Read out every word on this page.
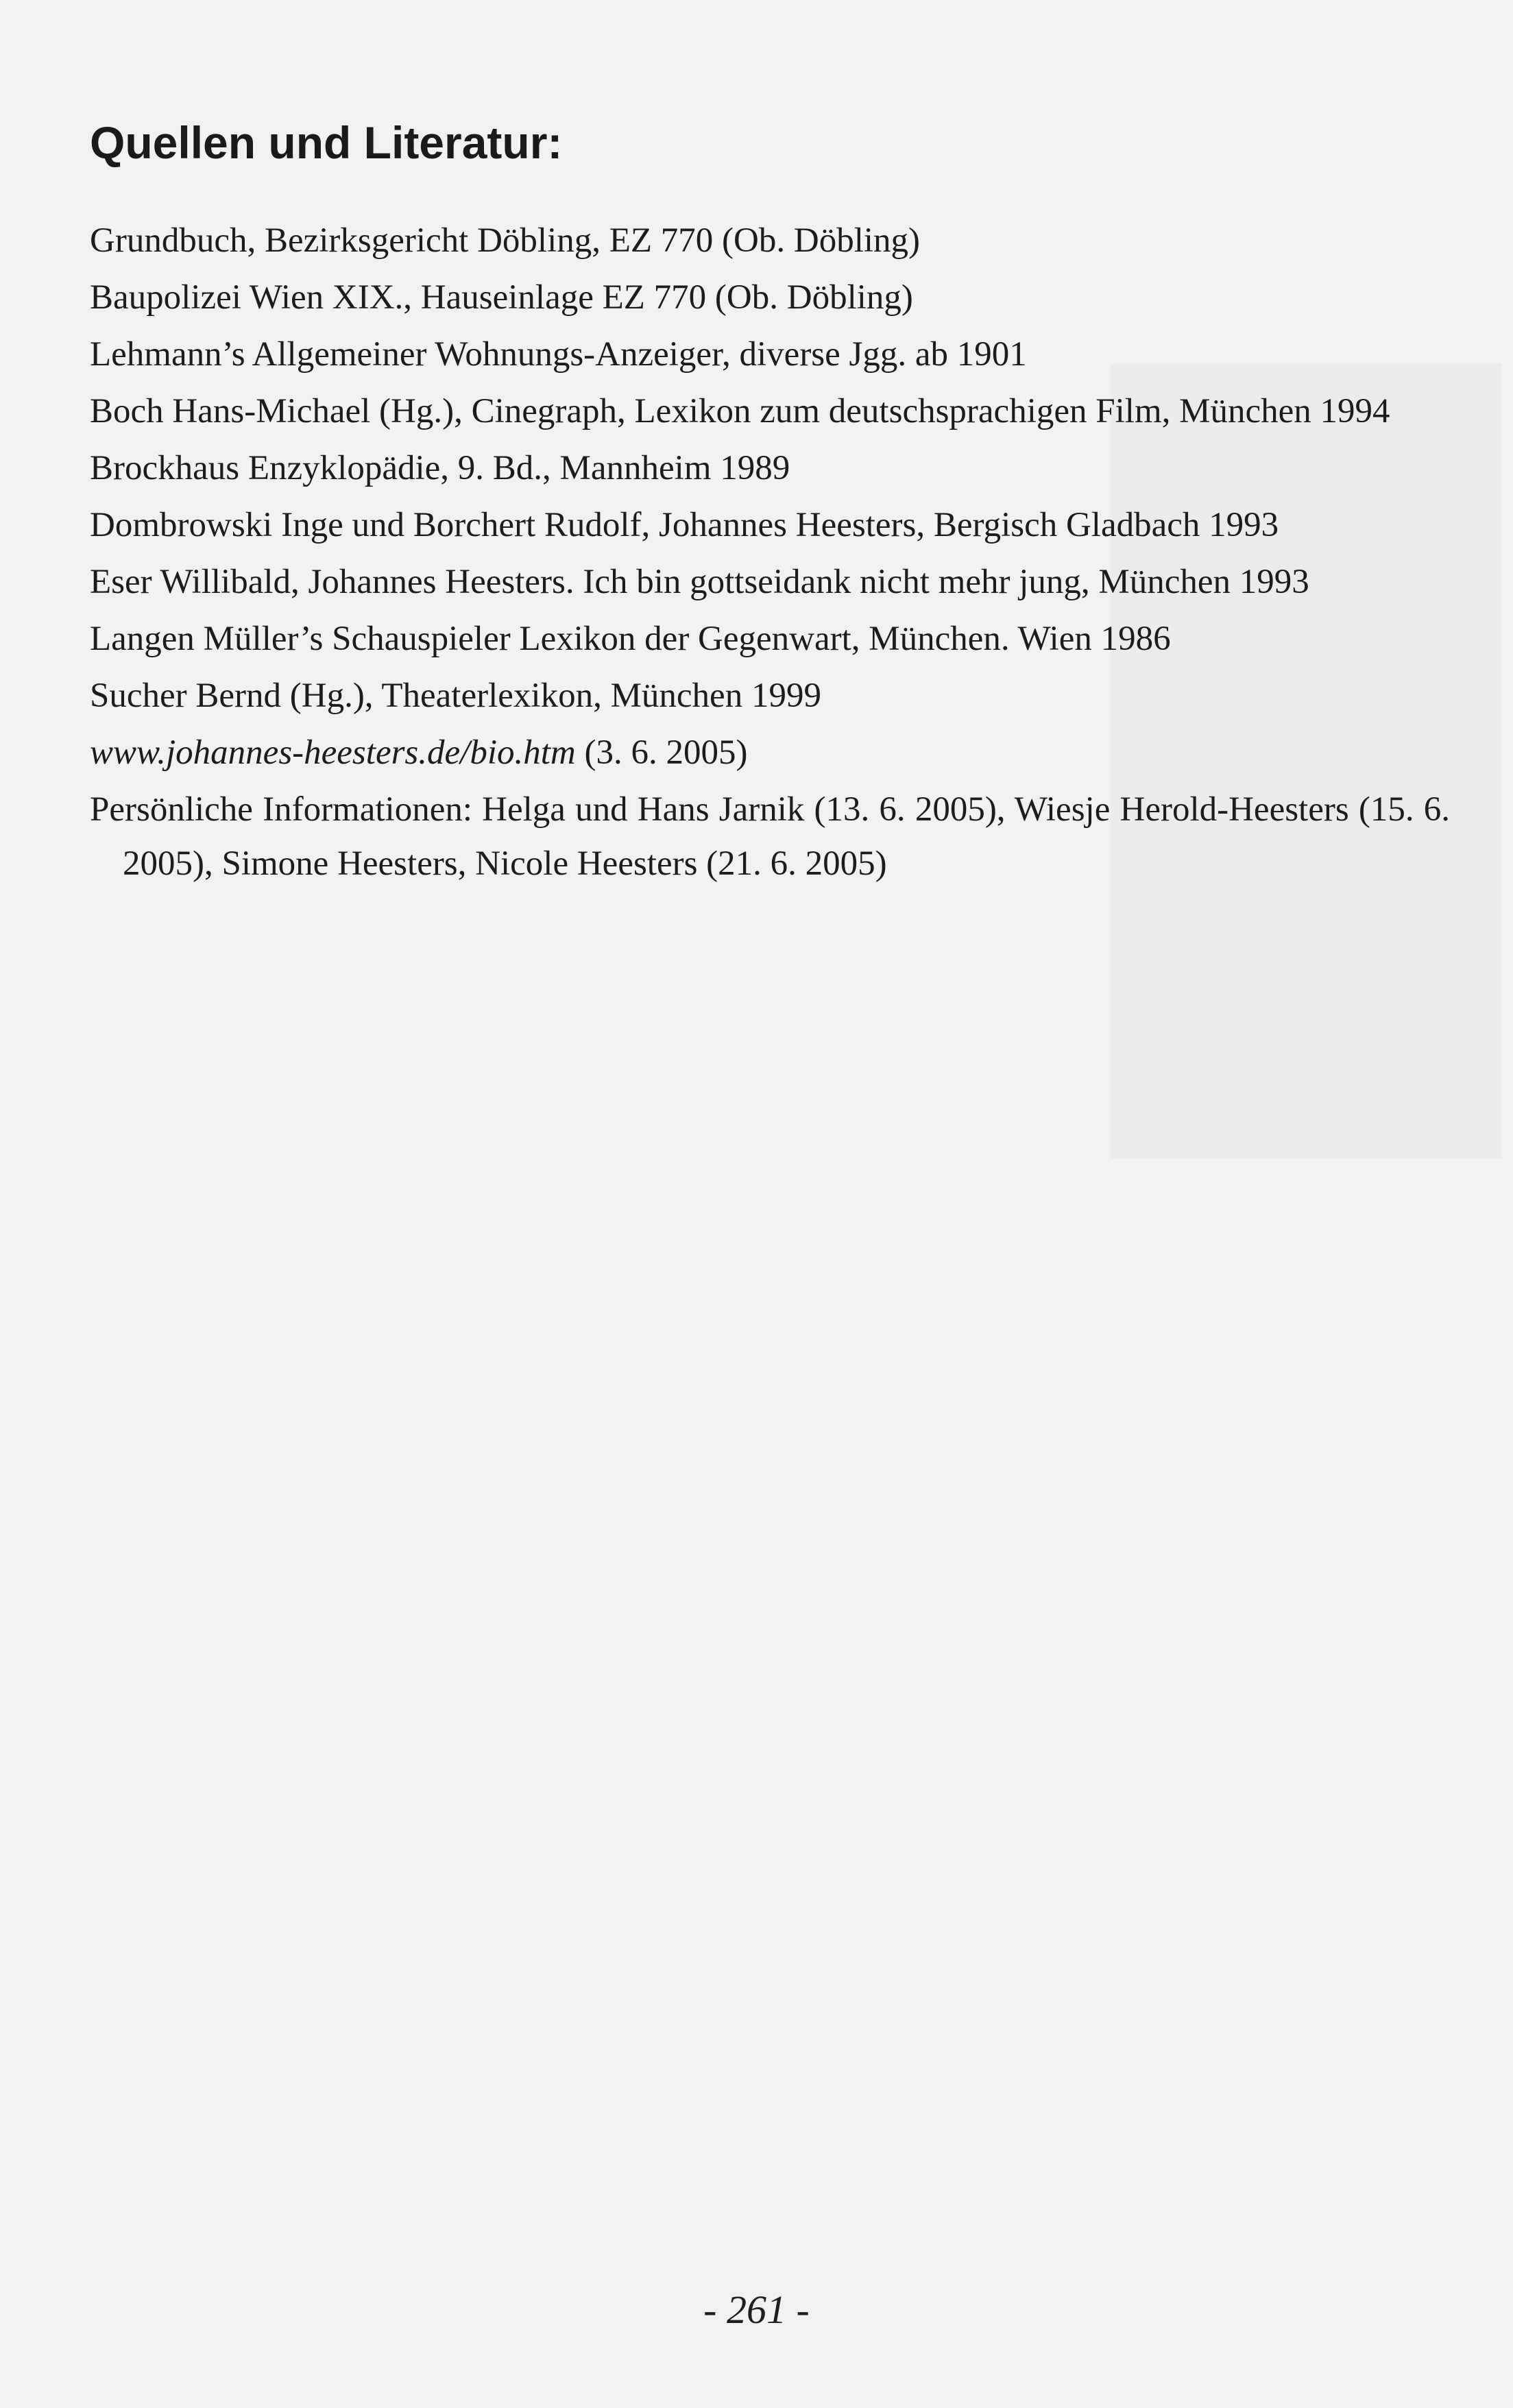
Quellen und Literatur:
Grundbuch, Bezirksgericht Döbling, EZ 770 (Ob. Döbling)
Baupolizei Wien XIX., Hauseinlage EZ 770 (Ob. Döbling)
Lehmann’s Allgemeiner Wohnungs-Anzeiger, diverse Jgg. ab 1901
Boch Hans-Michael (Hg.), Cinegraph, Lexikon zum deutschsprachigen Film, München 1994
Brockhaus Enzyklopädie, 9. Bd., Mannheim 1989
Dombrowski Inge und Borchert Rudolf, Johannes Heesters, Bergisch Gladbach 1993
Eser Willibald, Johannes Heesters. Ich bin gottseidank nicht mehr jung, München 1993
Langen Müller’s Schauspieler Lexikon der Gegenwart, München. Wien 1986
Sucher Bernd (Hg.), Theaterlexikon, München 1999
www.johannes-heesters.de/bio.htm (3. 6. 2005)
Persönliche Informationen: Helga und Hans Jarnik (13. 6. 2005), Wiesje Herold-Heesters (15. 6. 2005), Simone Heesters, Nicole Heesters (21. 6. 2005)
- 261 -
